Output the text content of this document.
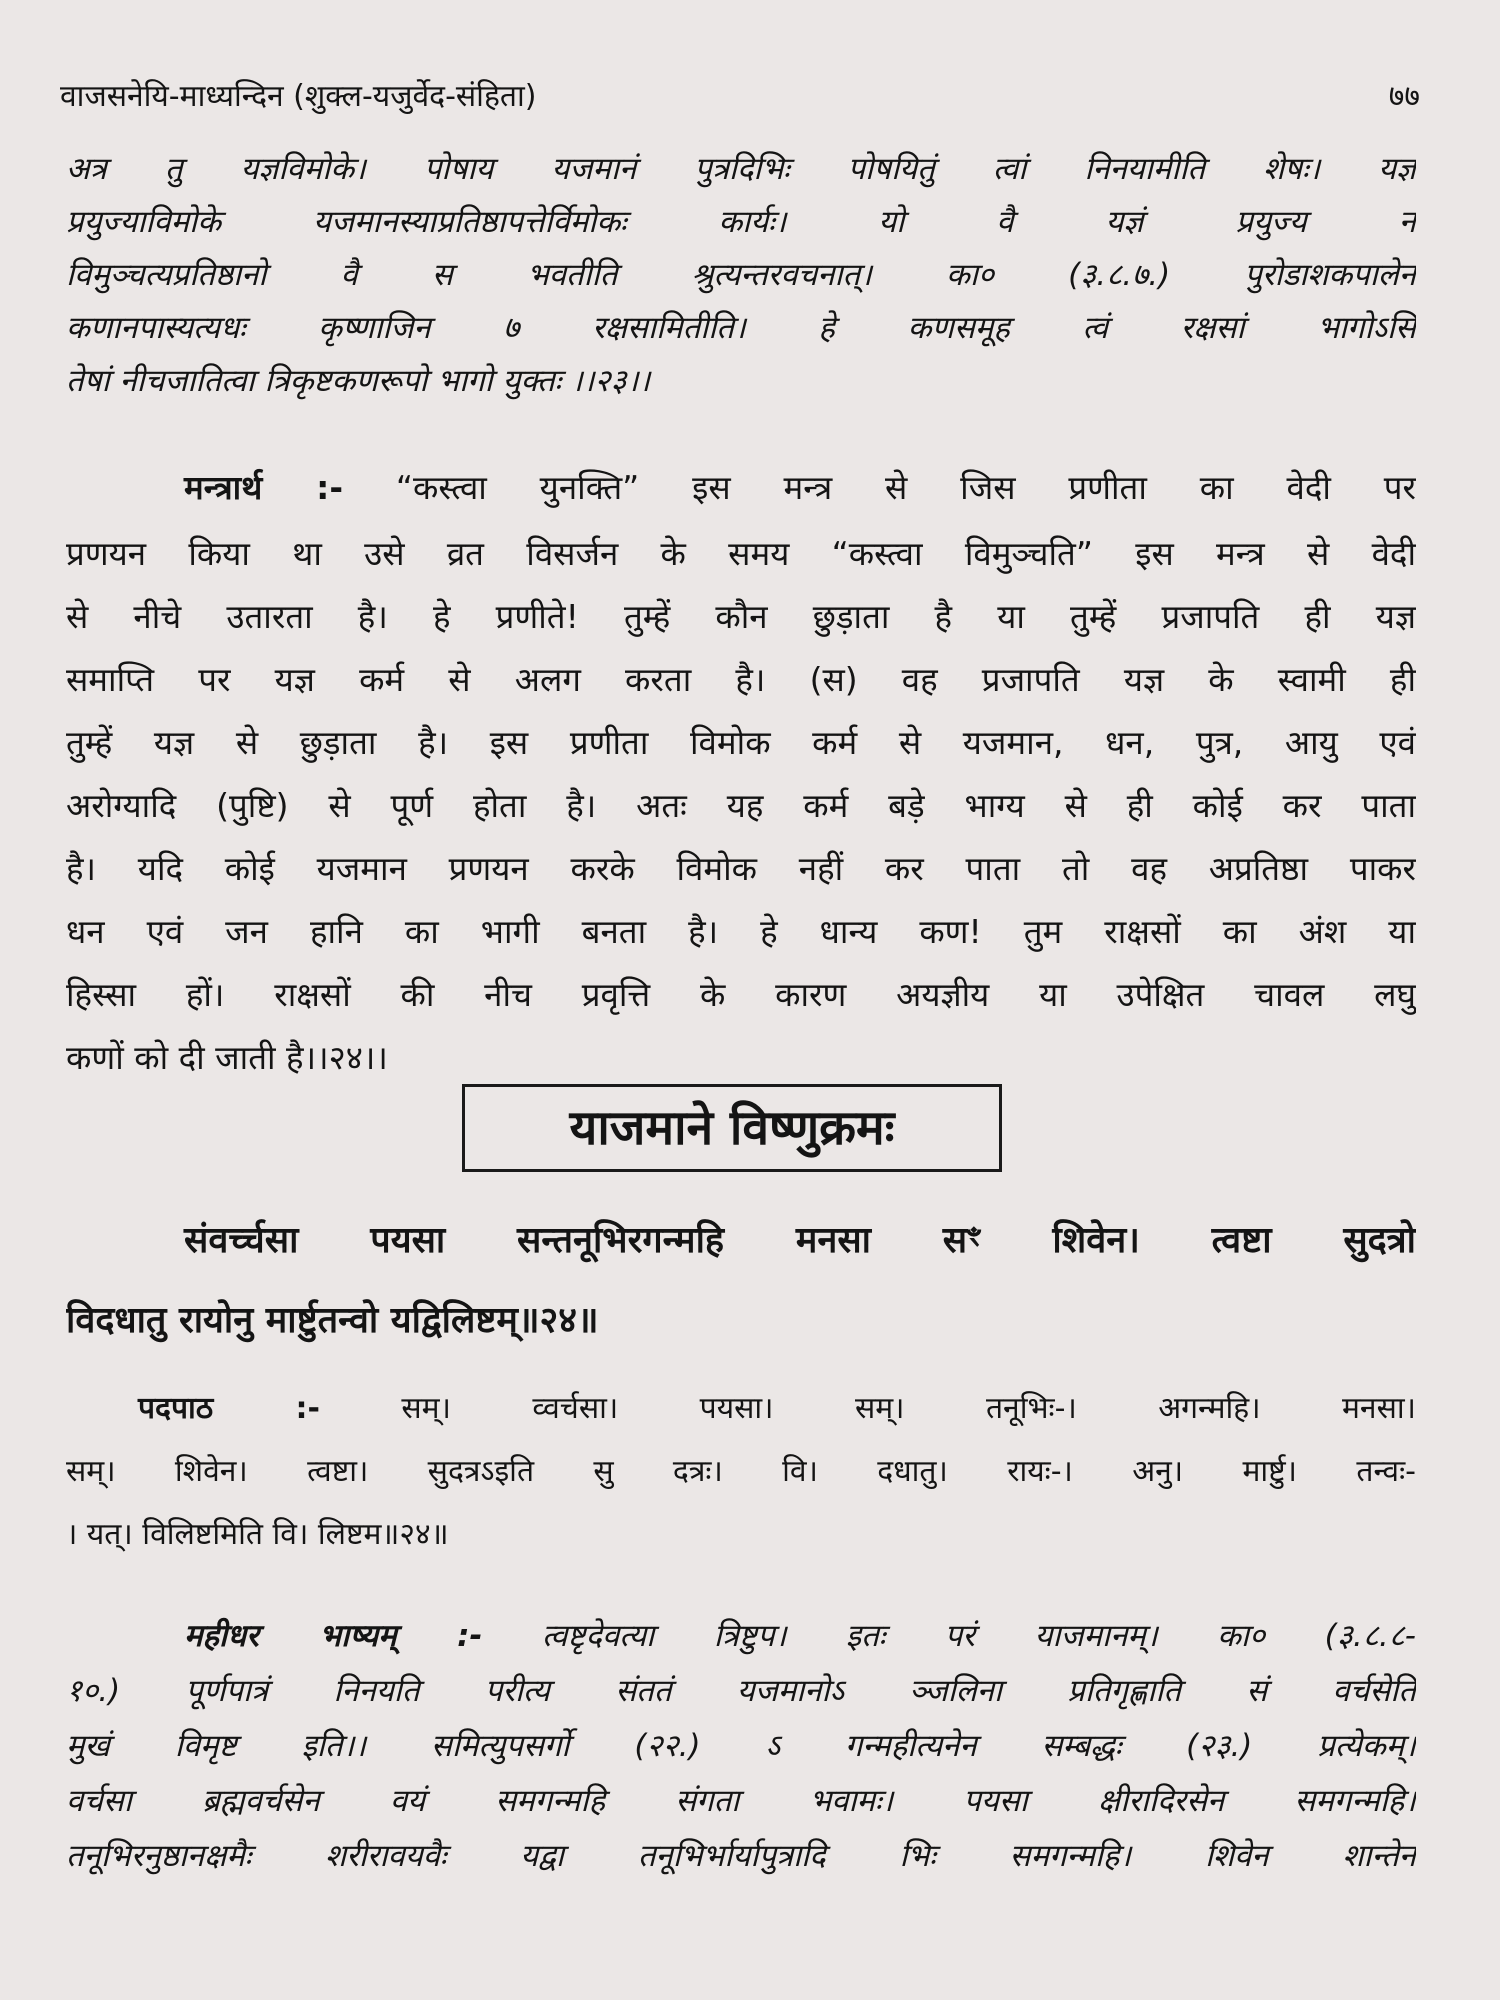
वाजसनेयि-माध्यन्दिन (शुक्ल-यजुर्वेद-संहिता)	७७
अत्र तु यज्ञविमोके। पोषाय यजमानं पुत्रदिभिः पोषयितुं त्वां निनयामीति शेषः। यज्ञं
प्रयुज्याविमोके यजमानस्याप्रतिष्ठापत्तेर्विमोकः कार्यः। यो वै यज्ञं प्रयुज्य न
विमुञ्चत्यप्रतिष्ठानो वै स भवतीति श्रुत्यन्तरवचनात्। का० (३.८.७.) पुरोडाशकपालेन
कणानपास्यत्यधः कृष्णाजिन ७ रक्षसामितीति। हे कणसमूह त्वं रक्षसां भागोऽसि
तेषां नीचजातित्वा त्रिकृष्टकणरूपो भागो युक्तः ।।२३।।
मन्त्रार्थ :- “कस्त्वा युनक्ति” इस मन्त्र से जिस प्रणीता का वेदी पर
प्रणयन किया था उसे व्रत विसर्जन के समय “कस्त्वा विमुञ्चति” इस मन्त्र से वेदी
से नीचे उतारता है। हे प्रणीते! तुम्हें कौन छुड़ाता है या तुम्हें प्रजापति ही यज्ञ
समाप्ति पर यज्ञ कर्म से अलग करता है। (स) वह प्रजापति यज्ञ के स्वामी ही
तुम्हें यज्ञ से छुड़ाता है। इस प्रणीता विमोक कर्म से यजमान, धन, पुत्र, आयु एवं
अरोग्यादि (पुष्टि) से पूर्ण होता है। अतः यह कर्म बड़े भाग्य से ही कोई कर पाता
है। यदि कोई यजमान प्रणयन करके विमोक नहीं कर पाता तो वह अप्रतिष्ठा पाकर
धन एवं जन हानि का भागी बनता है। हे धान्य कण! तुम राक्षसों का अंश या
हिस्सा हों। राक्षसों की नीच प्रवृत्ति के कारण अयज्ञीय या उपेक्षित चावल लघु
कणों को दी जाती है।।२४।।
याजमाने विष्णुक्रमः
संवर्च्चसा पयसा सन्तनूभिरगन्महि मनसा सꣳ शिवेन। त्वष्टा सुदत्रो
विदधातु रायोनु मार्ष्टुतन्वो यद्विलिष्टम्॥२४॥
पदपाठ :-	सम्। व्वर्चसा। पयसा। सम्। तनूभिः-। अगन्महि। मनसा।
सम्। शिवेन। त्वष्टा। सुदत्रऽइति सु दत्रः। वि। दधातु। रायः-। अनु। मार्ष्टु। तन्वः-
। यत्। विलिष्टमिति वि। लिष्टम॥२४॥
महीधर भाष्यम् :- त्वष्टृदेवत्या त्रिष्टुप। इतः परं याजमानम्। का० (३.८.८-
१०.) पूर्णपात्रं निनयति परीत्य संततं यजमानोऽ ञ्जलिना प्रतिगृह्णाति सं वर्चसेति
मुखं विमृष्ट इति।। समित्युपसर्गो (२२.) ऽ गन्महीत्यनेन सम्बद्धः (२३.) प्रत्येकम्।
वर्चसा ब्रह्मवर्चसेन वयं समगन्महि संगता भवामः। पयसा क्षीरादिरसेन समगन्महि।
तनूभिरनुष्ठानक्षमैः शरीरावयवैः यद्वा तनूभिर्भार्यापुत्रादि भिः समगन्महि। शिवेन शान्तेन
